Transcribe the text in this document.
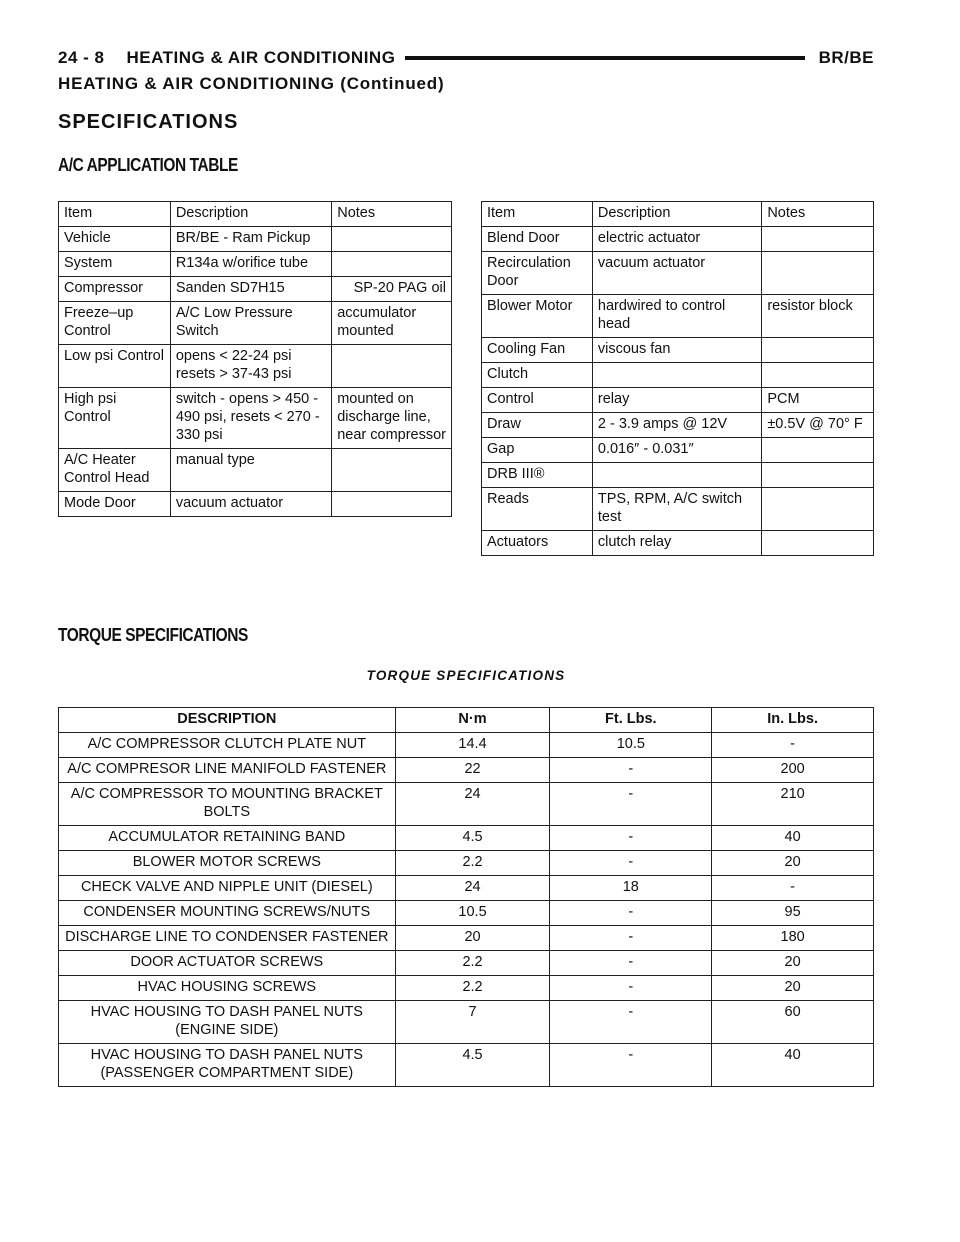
24 - 8 HEATING & AIR CONDITIONING	BR/BE
HEATING & AIR CONDITIONING (Continued)
SPECIFICATIONS
A/C APPLICATION TABLE
Item	Description	Notes
Vehicle	BR/BE - Ram Pickup	
System	R134a w/orifice tube	
Compressor	Sanden SD7H15	SP-20 PAG oil
Freeze–up Control	A/C Low Pressure Switch	accumulator mounted
Low psi Control	opens < 22-24 psi resets > 37-43 psi	
High psi Control	switch - opens > 450 - 490 psi, resets < 270 - 330 psi	mounted on discharge line, near compressor
A/C Heater Control Head	manual type	
Mode Door	vacuum actuator	
Item	Description	Notes
Blend Door	electric actuator	
Recirculation Door	vacuum actuator	
Blower Motor	hardwired to control head	resistor block
Cooling Fan	viscous fan	
Clutch		
Control	relay	PCM
Draw	2 - 3.9 amps @ 12V	±0.5V @ 70° F
Gap	0.016″ - 0.031″	
DRB III®		
Reads	TPS, RPM, A/C switch test	
Actuators	clutch relay	
TORQUE SPECIFICATIONS
TORQUE SPECIFICATIONS
DESCRIPTION	N·m	Ft. Lbs.	In. Lbs.
A/C COMPRESSOR CLUTCH PLATE NUT	14.4	10.5	-
A/C COMPRESOR LINE MANIFOLD FASTENER	22	-	200
A/C COMPRESSOR TO MOUNTING BRACKET BOLTS	24	-	210
ACCUMULATOR RETAINING BAND	4.5	-	40
BLOWER MOTOR SCREWS	2.2	-	20
CHECK VALVE AND NIPPLE UNIT (DIESEL)	24	18	-
CONDENSER MOUNTING SCREWS/NUTS	10.5	-	95
DISCHARGE LINE TO CONDENSER FASTENER	20	-	180
DOOR ACTUATOR SCREWS	2.2	-	20
HVAC HOUSING SCREWS	2.2	-	20
HVAC HOUSING TO DASH PANEL NUTS (ENGINE SIDE)	7	-	60
HVAC HOUSING TO DASH PANEL NUTS (PASSENGER COMPARTMENT SIDE)	4.5	-	40
